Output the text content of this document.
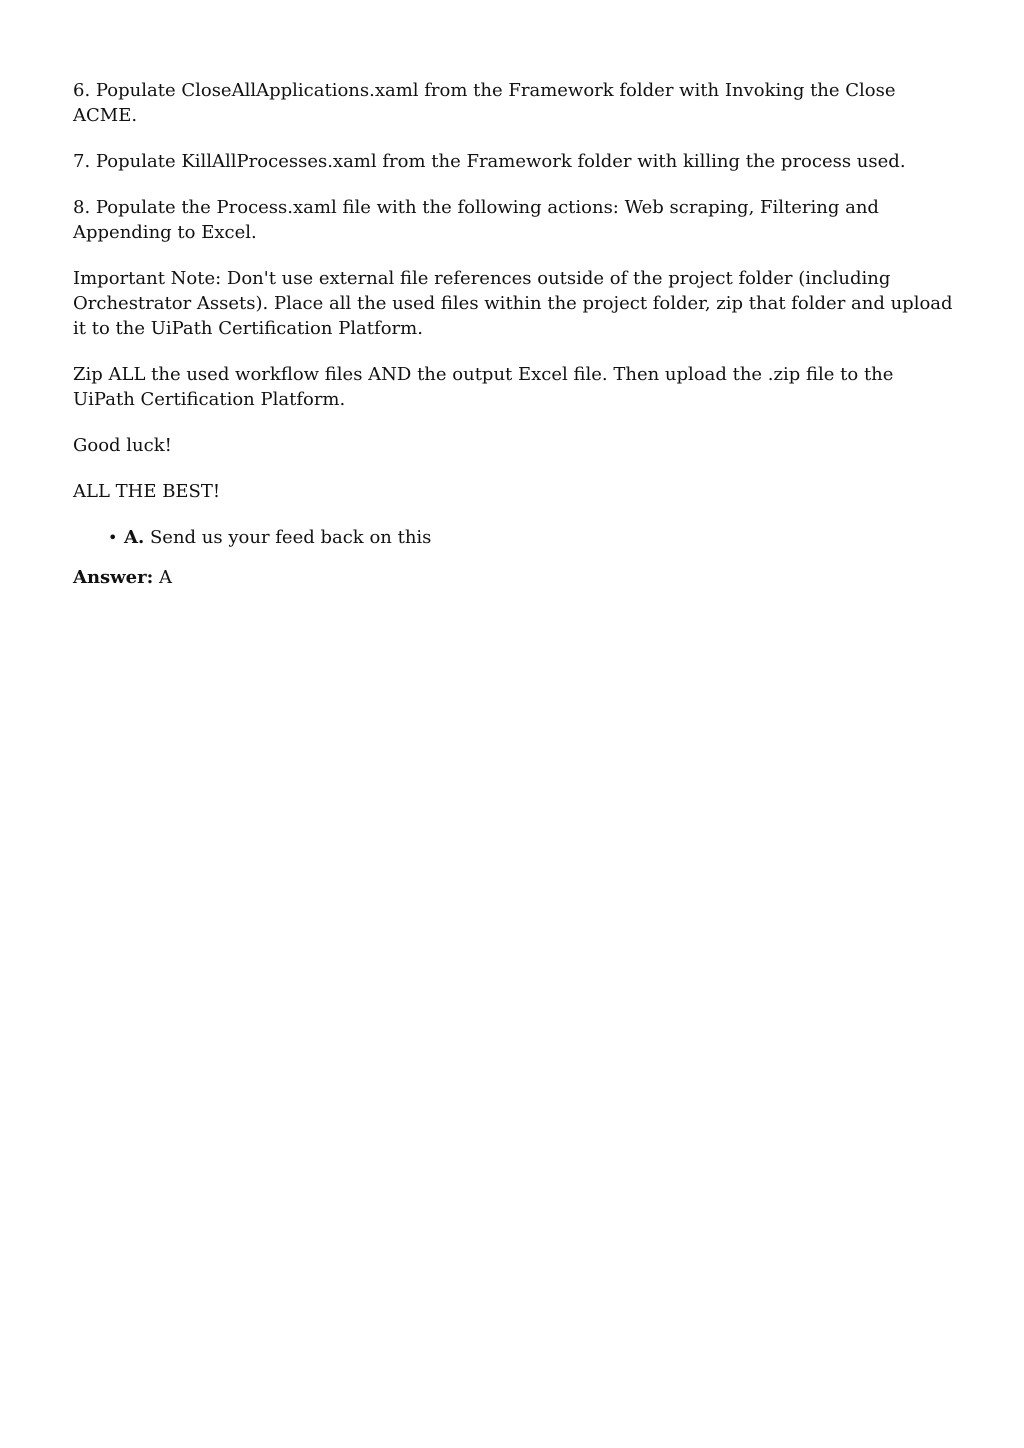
6. Populate CloseAllApplications.xaml from the Framework folder with Invoking the Close ACME.

7. Populate KillAllProcesses.xaml from the Framework folder with killing the process used.

8. Populate the Process.xaml file with the following actions: Web scraping, Filtering and Appending to Excel.

Important Note: Don't use external file references outside of the project folder (including Orchestrator Assets). Place all the used files within the project folder, zip that folder and upload it to the UiPath Certification Platform.

Zip ALL the used workflow files AND the output Excel file. Then upload the .zip file to the UiPath Certification Platform.

Good luck!

ALL THE BEST!

• A. Send us your feed back on this

Answer: A
